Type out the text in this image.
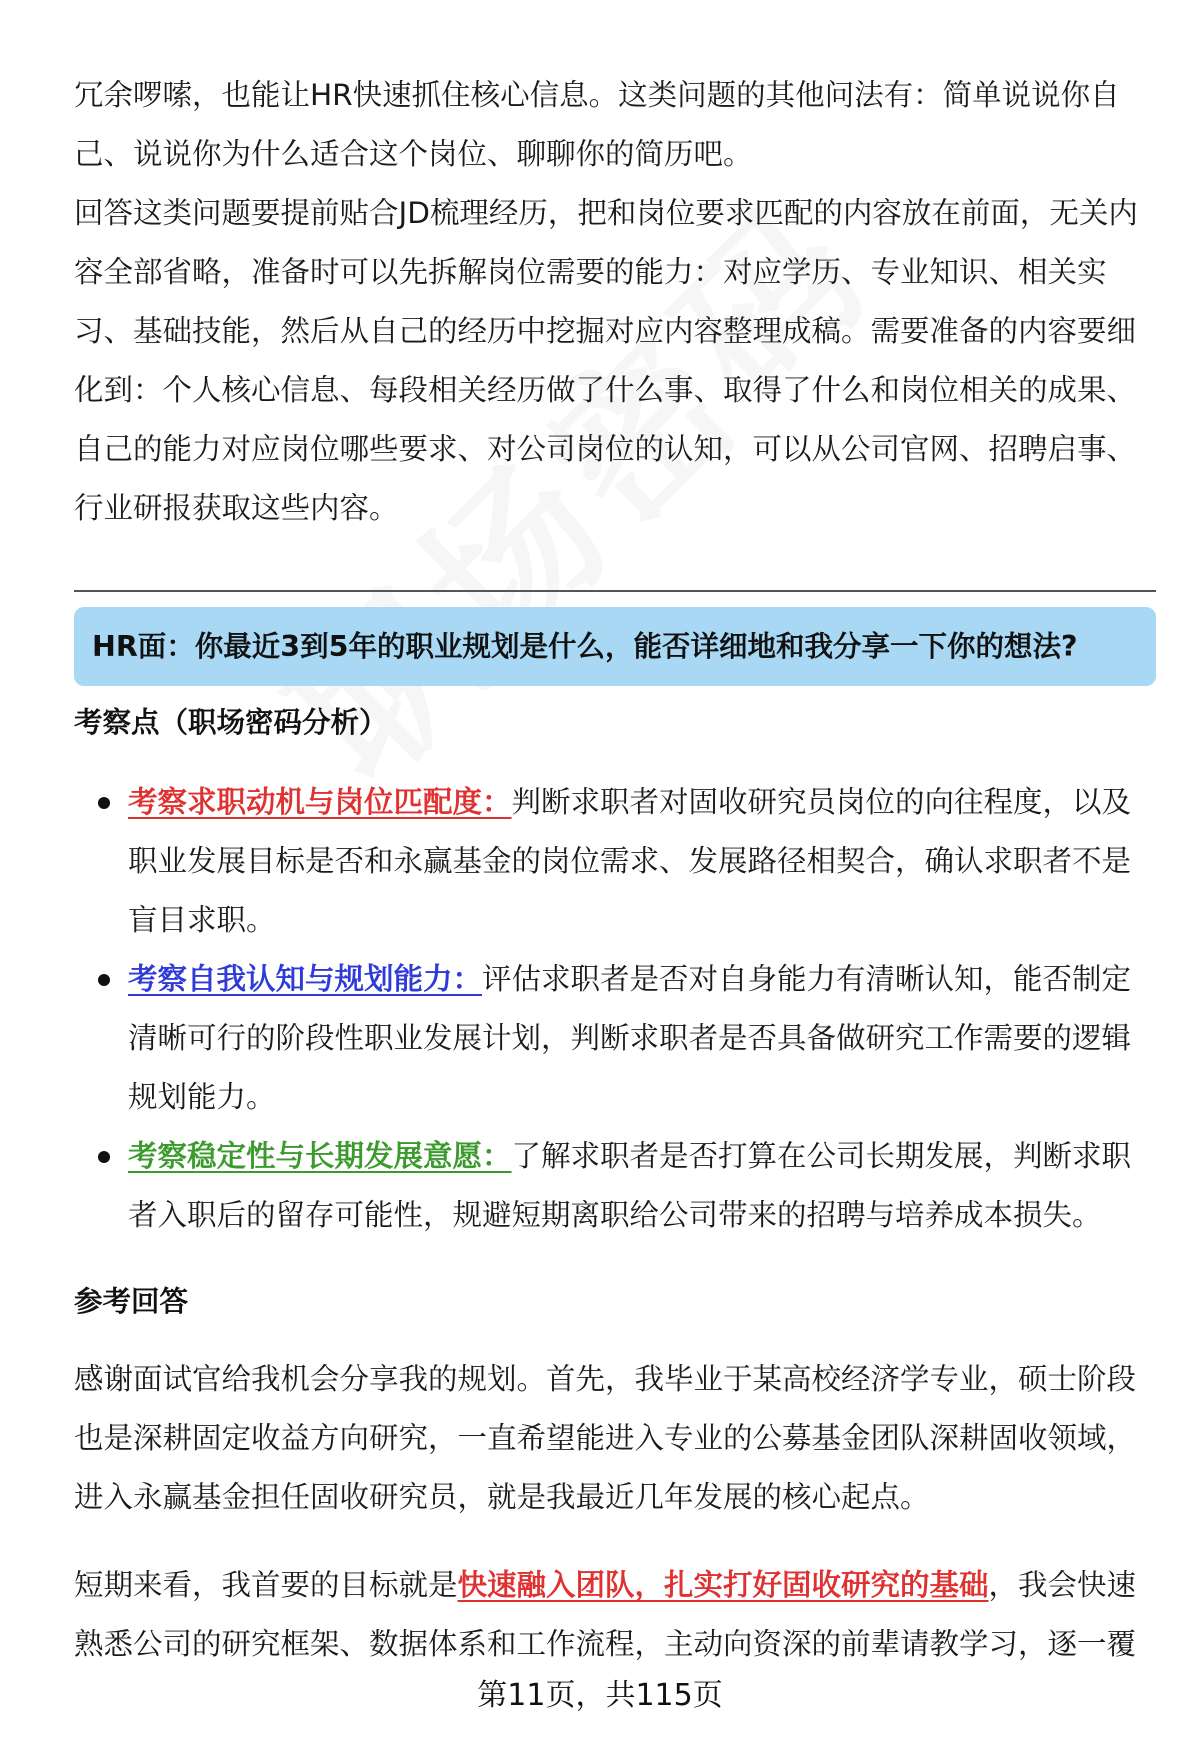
冗余啰嗦，也能让HR快速抓住核心信息。这类问题的其他问法有：简单说说你自己、说说你为什么适合这个岗位、聊聊你的简历吧。

回答这类问题要提前贴合JD梳理经历，把和岗位要求匹配的内容放在前面，无关内容全部省略，准备时可以先拆解岗位需要的能力：对应学历、专业知识、相关实习、基础技能，然后从自己的经历中挖掘对应内容整理成稿。需要准备的内容要细化到：个人核心信息、每段相关经历做了什么事、取得了什么和岗位相关的成果、自己的能力对应岗位哪些要求、对公司岗位的认知，可以从公司官网、招聘启事、行业研报获取这些内容。

HR面：你最近3到5年的职业规划是什么，能否详细地和我分享一下你的想法?
考察点（职场密码分析）
考察求职动机与岗位匹配度：判断求职者对固收研究员岗位的向往程度，以及职业发展目标是否和永赢基金的岗位需求、发展路径相契合，确认求职者不是盲目求职。
考察自我认知与规划能力：评估求职者是否对自身能力有清晰认知，能否制定清晰可行的阶段性职业发展计划，判断求职者是否具备做研究工作需要的逻辑规划能力。
考察稳定性与长期发展意愿：了解求职者是否打算在公司长期发展，判断求职者入职后的留存可能性，规避短期离职给公司带来的招聘与培养成本损失。
参考回答

感谢面试官给我机会分享我的规划。首先，我毕业于某高校经济学专业，硕士阶段也是深耕固定收益方向研究，一直希望能进入专业的公募基金团队深耕固收领域，进入永赢基金担任固收研究员，就是我最近几年发展的核心起点。

短期来看，我首要的目标就是快速融入团队，扎实打好固收研究的基础，我会快速熟悉公司的研究框架、数据体系和工作流程，主动向资深的前辈请教学习，逐一覆

第11页，共115页
